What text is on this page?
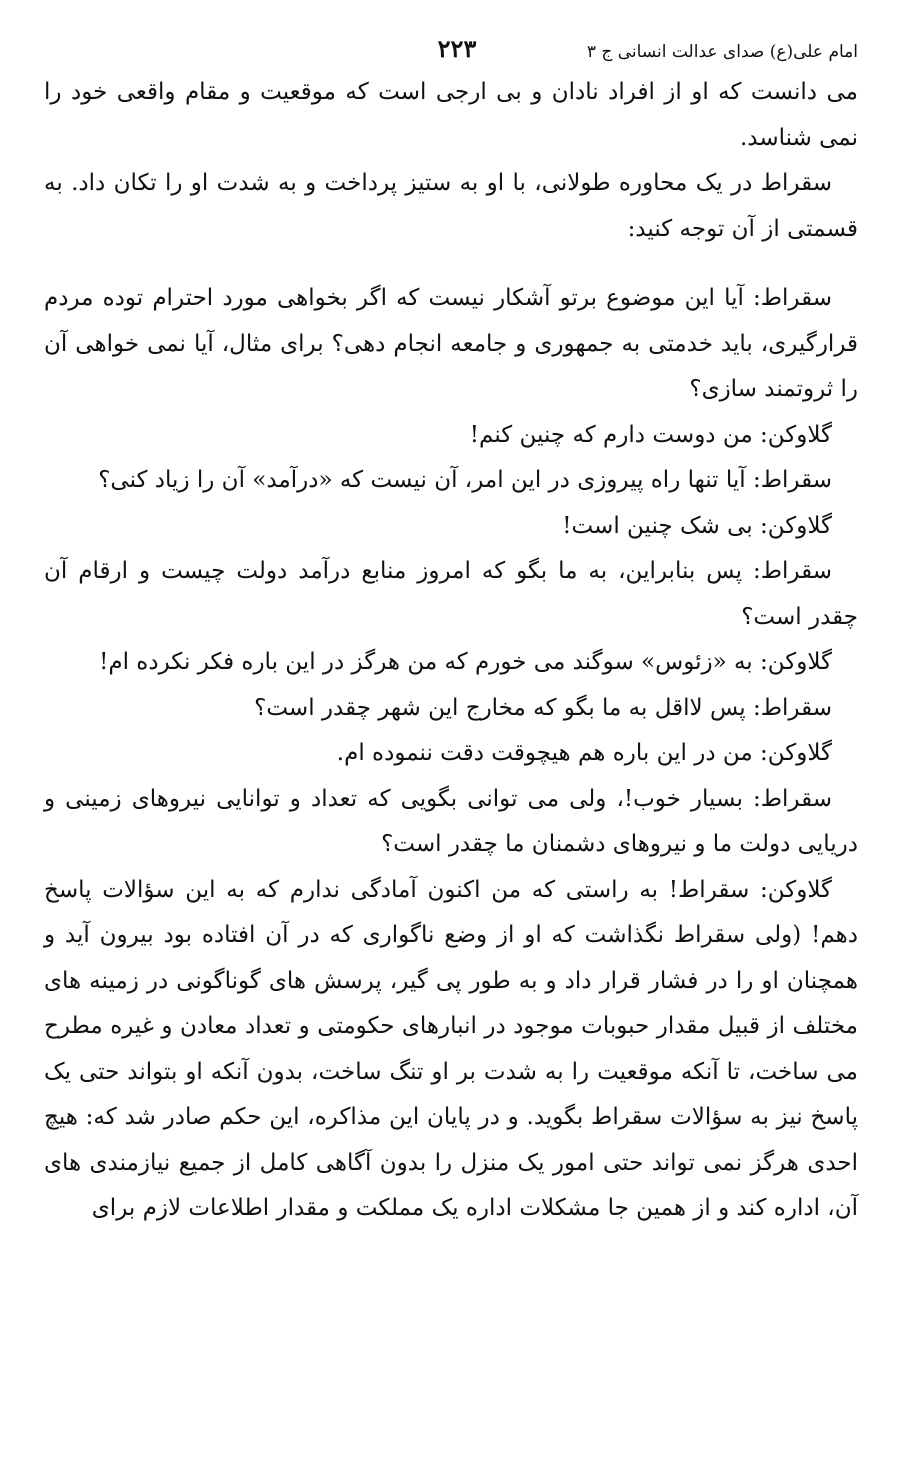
امام علی(ع) صدای عدالت انسانی ج ۳
۲۲۳

می دانست که او از افراد نادان و بی ارجی است که موقعیت و مقام واقعی خود را نمی شناسد.

سقراط در یک محاوره طولانی، با او به ستیز پرداخت و به شدت او را تکان داد. به قسمتی از آن توجه کنید:

سقراط: آیا این موضوع برتو آشکار نیست که اگر بخواهی مورد احترام توده مردم قرارگیری، باید خدمتی به جمهوری و جامعه انجام دهی؟ برای مثال، آیا نمی خواهی آن را ثروتمند سازی؟

گلاوکن: من دوست دارم که چنین کنم!

سقراط: آیا تنها راه پیروزی در این امر، آن نیست که «درآمد» آن را زیاد کنی؟

گلاوکن: بی شک چنین است!

سقراط: پس بنابراین، به ما بگو که امروز منابع درآمد دولت چیست و ارقام آن چقدر است؟

گلاوکن: به «زئوس» سوگند می خورم که من هرگز در این باره فکر نکرده ام!

سقراط: پس لااقل به ما بگو که مخارج این شهر چقدر است؟

گلاوکن: من در این باره هم هیچوقت دقت ننموده ام.

سقراط: بسیار خوب!، ولی می توانی بگویی که تعداد و توانایی نیروهای زمینی و دریایی دولت ما و نیروهای دشمنان ما چقدر است؟

گلاوکن: سقراط! به راستی که من اکنون آمادگی ندارم که به این سؤالات پاسخ دهم! (ولی سقراط نگذاشت که او از وضع ناگواری که در آن افتاده بود بیرون آید و همچنان او را در فشار قرار داد و به طور پی گیر، پرسش های گوناگونی در زمینه های مختلف از قبیل مقدار حبوبات موجود در انبارهای حکومتی و تعداد معادن و غیره مطرح می ساخت، تا آنکه موقعیت را به شدت بر او تنگ ساخت، بدون آنکه او بتواند حتی یک پاسخ نیز به سؤالات سقراط بگوید. و در پایان این مذاکره، این حکم صادر شد که: هیچ احدی هرگز نمی تواند حتی امور یک منزل را بدون آگاهی کامل از جمیع نیازمندی های آن، اداره کند و از همین جا مشکلات اداره یک مملکت و مقدار اطلاعات لازم برای
